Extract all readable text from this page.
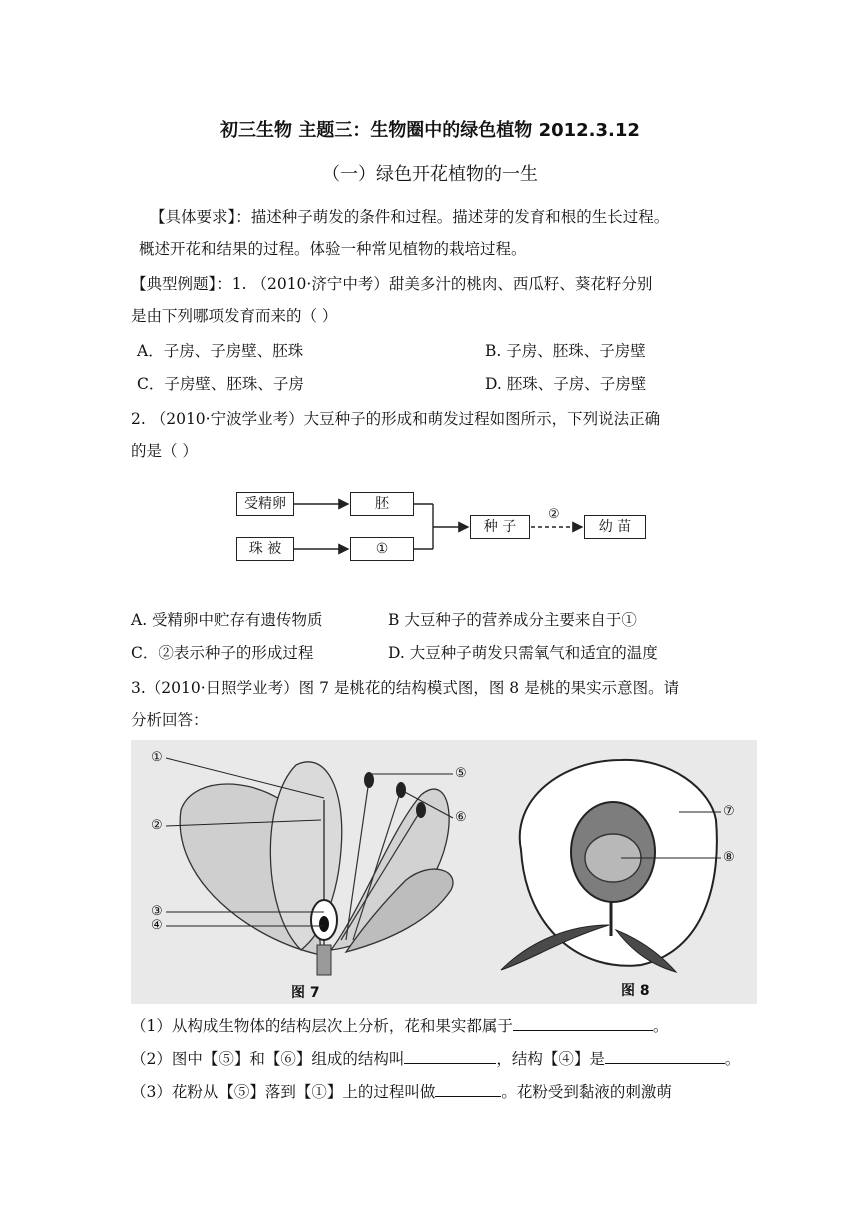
初三生物 主题三：生物圈中的绿色植物 2012.3.12
（一）绿色开花植物的一生
【具体要求】：描述种子萌发的条件和过程。描述芽的发育和根的生长过程。
概述开花和结果的过程。体验一种常见植物的栽培过程。
【典型例题】：1. （2010·济宁中考）甜美多汁的桃肉、西瓜籽、葵花籽分别
是由下列哪项发育而来的（ ）
A．子房、子房壁、胚珠	B. 子房、胚珠、子房壁
C．子房壁、胚珠、子房	D. 胚珠、子房、子房壁
2. （2010·宁波学业考）大豆种子的形成和萌发过程如图所示，下列说法正确
的是（ ）
受精卵	胚
珠 被	①
种 子
②
幼 苗
A. 受精卵中贮存有遗传物质	B 大豆种子的营养成分主要来自于①
C．②表示种子的形成过程	D. 大豆种子萌发只需氧气和适宜的温度
3.（2010·日照学业考）图 7 是桃花的结构模式图，图 8 是桃的果实示意图。请
分析回答：
①
②
③
④
⑤
⑥	⑦
⑧
图 7	图 8
（1）从构成生物体的结构层次上分析，花和果实都属于	。
（2）图中【⑤】和【⑥】组成的结构叫	，结构【④】是	。
（3）花粉从【⑤】落到【①】上的过程叫做	。花粉受到黏液的刺激萌
